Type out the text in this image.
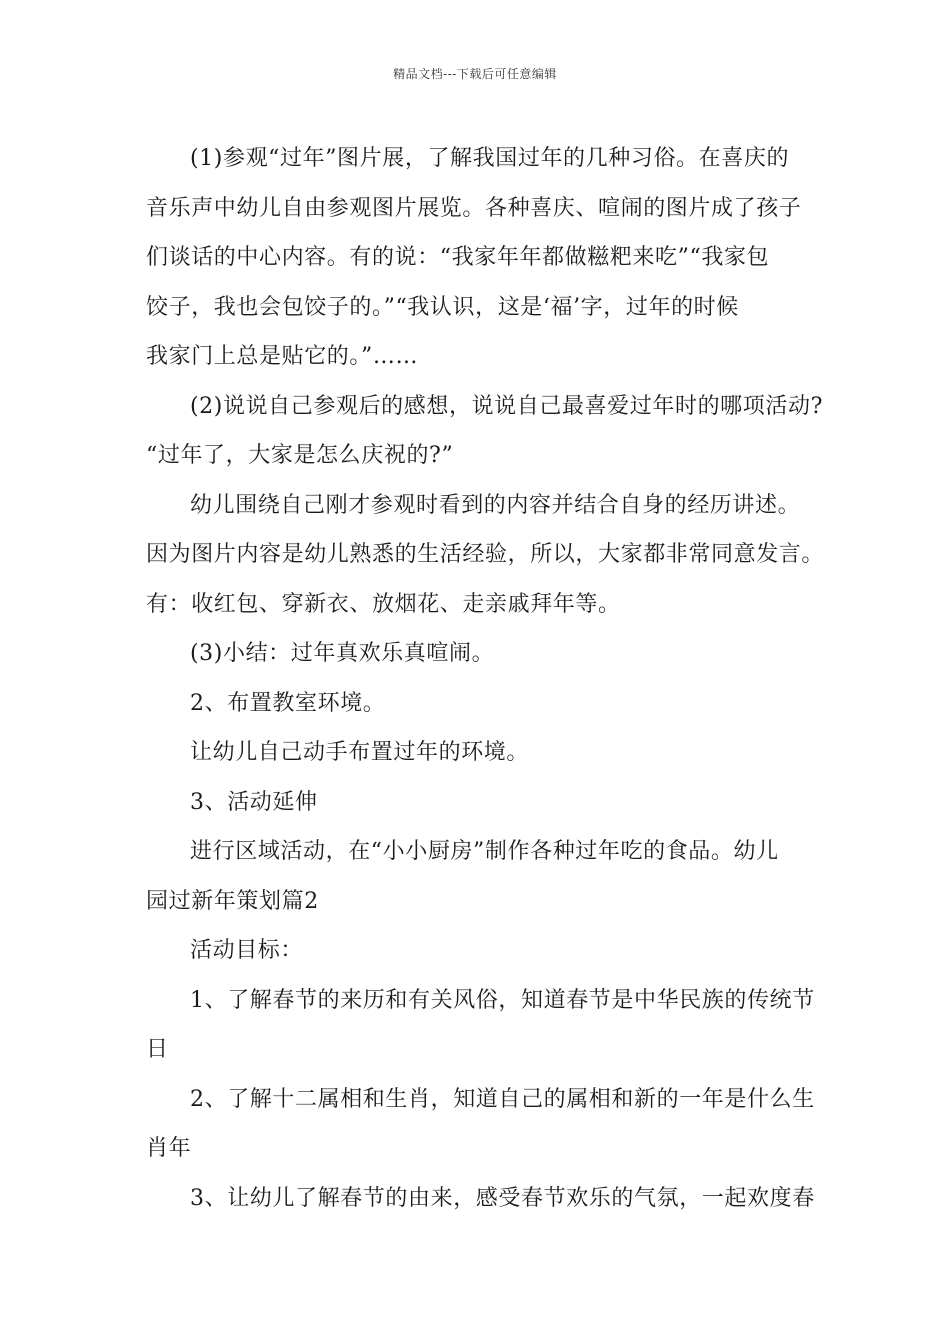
精品文档---下载后可任意编辑

(1)参观“过年”图片展，了解我国过年的几种习俗。在喜庆的

音乐声中幼儿自由参观图片展览。各种喜庆、喧闹的图片成了孩子

们谈话的中心内容。有的说：“我家年年都做糍粑来吃”“我家包

饺子，我也会包饺子的。”“我认识，这是‘福’字，过年的时候

我家门上总是贴它的。”……

(2)说说自己参观后的感想，说说自己最喜爱过年时的哪项活动?

“过年了，大家是怎么庆祝的?”

幼儿围绕自己刚才参观时看到的内容并结合自身的经历讲述。

因为图片内容是幼儿熟悉的生活经验，所以，大家都非常同意发言。

有：收红包、穿新衣、放烟花、走亲戚拜年等。

(3)小结：过年真欢乐真喧闹。

2、布置教室环境。

让幼儿自己动手布置过年的环境。

3、活动延伸

进行区域活动，在“小小厨房”制作各种过年吃的食品。幼儿

园过新年策划篇2

活动目标：

1、了解春节的来历和有关风俗，知道春节是中华民族的传统节

日

2、了解十二属相和生肖，知道自己的属相和新的一年是什么生

肖年

3、让幼儿了解春节的由来，感受春节欢乐的气氛，一起欢度春
